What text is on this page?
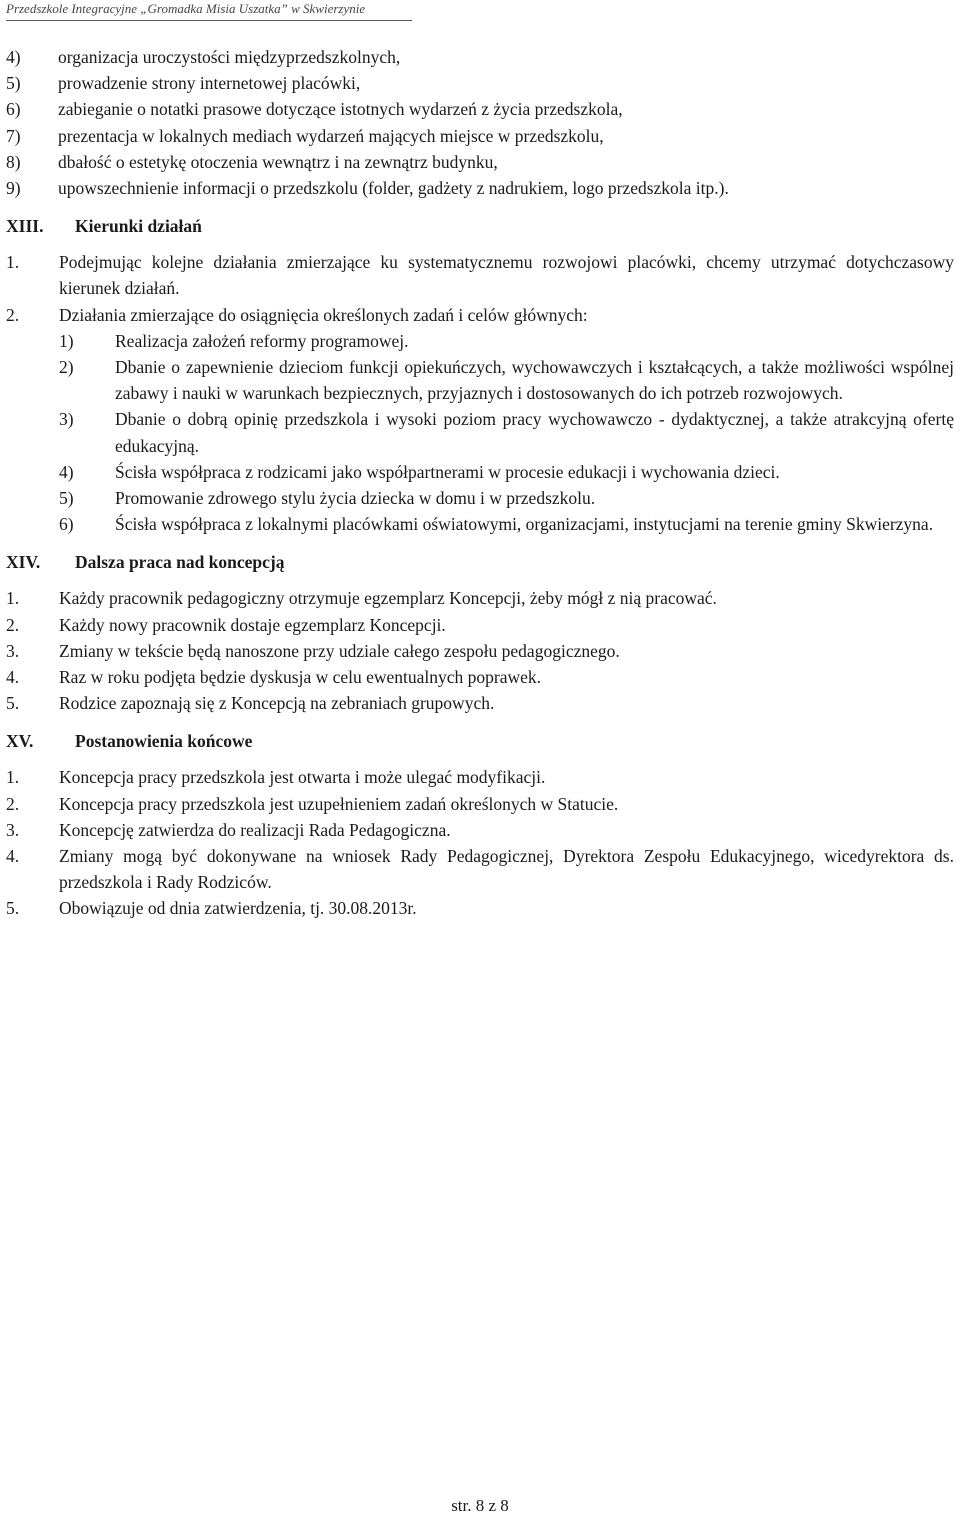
Przedszkole Integracyjne „Gromadka Misia Uszatka” w Skwierzynie
4)	organizacja uroczystości międzyprzedszkolnych,
5)	prowadzenie strony internetowej placówki,
6)	zabieganie o notatki prasowe dotyczące istotnych wydarzeń z życia przedszkola,
7)	prezentacja w lokalnych mediach wydarzeń mających miejsce w przedszkolu,
8)	dbałość o estetykę otoczenia wewnątrz i na zewnątrz budynku,
9)	upowszechnienie informacji o przedszkolu (folder, gadżety z nadrukiem, logo przedszkola itp.).
XIII.	Kierunki działań
1.	Podejmując kolejne działania zmierzające ku systematycznemu rozwojowi placówki, chcemy utrzymać dotychczasowy kierunek działań.
2.	Działania zmierzające do osiągnięcia określonych zadań i celów głównych:
1)	Realizacja założeń reformy programowej.
2)	Dbanie o zapewnienie dzieciom funkcji opiekuńczych, wychowawczych i kształcących, a także możliwości wspólnej zabawy i nauki w warunkach bezpiecznych, przyjaznych i dostosowanych do ich potrzeb rozwojowych.
3)	Dbanie o dobrą opinię przedszkola i wysoki poziom pracy wychowawczo - dydaktycznej, a także atrakcyjną ofertę edukacyjną.
4)	Ścisła współpraca z rodzicami jako współpartnerami w procesie edukacji i wychowania dzieci.
5)	Promowanie zdrowego stylu życia dziecka w domu i w przedszkolu.
6)	Ścisła współpraca z lokalnymi placówkami oświatowymi, organizacjami, instytucjami na terenie gminy Skwierzyna.
XIV.	Dalsza praca nad koncepcją
1.	Każdy pracownik pedagogiczny otrzymuje egzemplarz Koncepcji, żeby mógł z nią pracować.
2.	Każdy nowy pracownik dostaje egzemplarz Koncepcji.
3.	Zmiany w tekście będą nanoszone przy udziale całego zespołu pedagogicznego.
4.	Raz w roku podjęta będzie dyskusja w celu ewentualnych poprawek.
5.	Rodzice zapoznają się z Koncepcją na zebraniach grupowych.
XV.	Postanowienia końcowe
1.	Koncepcja pracy przedszkola jest otwarta i może ulegać modyfikacji.
2.	Koncepcja pracy przedszkola jest uzupełnieniem zadań określonych w Statucie.
3.	Koncepcję zatwierdza do realizacji Rada Pedagogiczna.
4.	Zmiany mogą być dokonywane na wniosek Rady Pedagogicznej, Dyrektora Zespołu Edukacyjnego, wicedyrektora ds. przedszkola i Rady Rodziców.
5.	Obowiązuje od dnia zatwierdzenia, tj. 30.08.2013r.
str. 8 z 8
